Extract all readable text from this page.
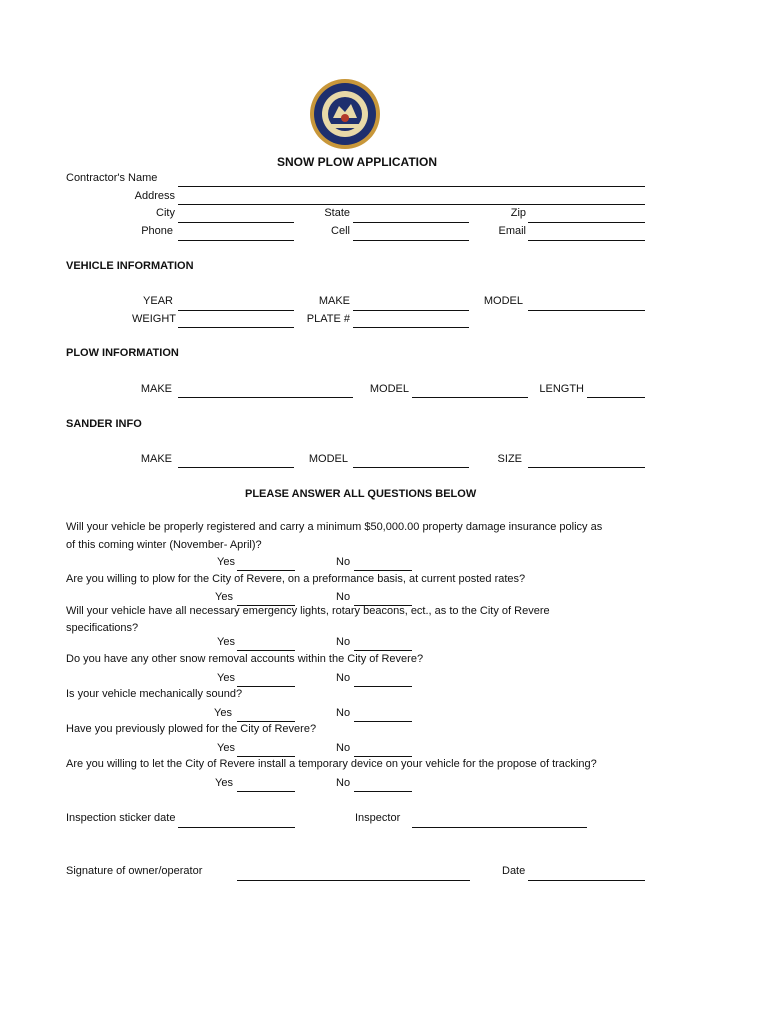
SNOW PLOW APPLICATION
Contractor's Name
Address
City	State	Zip
Phone	Cell	Email
VEHICLE INFORMATION
YEAR	MAKE	MODEL
WEIGHT	PLATE #
PLOW INFORMATION
MAKE	MODEL	LENGTH
SANDER INFO
MAKE	MODEL	SIZE
PLEASE ANSWER ALL QUESTIONS BELOW
Will your vehicle be properly registered and carry a minimum $50,000.00 property damage insurance policy as
of this coming winter (November- April)?
Yes	No
Are you willing to plow for the City of Revere, on a preformance basis, at current posted rates?
Yes	No
Will your vehicle have all necessary emergency lights, rotary beacons, ect., as to the City of Revere
specifications?
Yes	No
Do you have any other snow removal accounts within the City of Revere?
Yes	No
Is your vehicle mechanically sound?
Yes	No
Have you previously plowed for the City of Revere?
Yes	No
Are you willing to let the City of Revere install a temporary device on your vehicle for the propose of tracking?
Yes	No
Inspection sticker date	Inspector
Signature of owner/operator	Date
